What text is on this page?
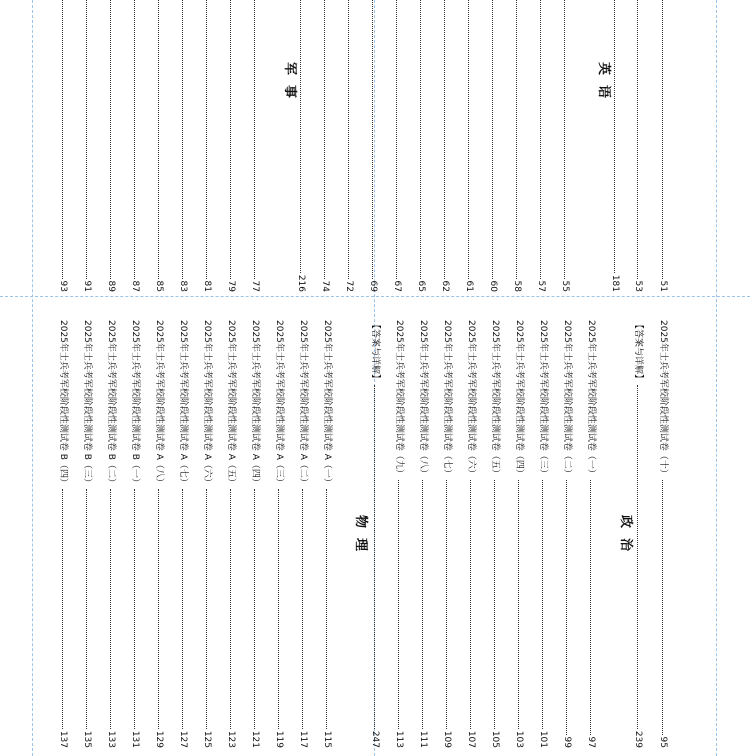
英语
军事
政治
物理
51
53
181
55
57
58
60
61
62
65
67
69
72
74
216
77
79
81
83
85
87
89
91
93
2025年士兵考军校阶段性测试卷（十）
95
【答案与详解】
239
2025年士兵考军校阶段性测试卷（一）
97
2025年士兵考军校阶段性测试卷（二）
99
2025年士兵考军校阶段性测试卷（三）
101
2025年士兵考军校阶段性测试卷（四）
103
2025年士兵考军校阶段性测试卷（五）
105
2025年士兵考军校阶段性测试卷（六）
107
2025年士兵考军校阶段性测试卷（七）
109
2025年士兵考军校阶段性测试卷（八）
111
2025年士兵考军校阶段性测试卷（九）
113
【答案与详解】
247
2025年士兵考军校阶段性测试卷 A（一）
115
2025年士兵考军校阶段性测试卷 A（二）
117
2025年士兵考军校阶段性测试卷 A（三）
119
2025年士兵考军校阶段性测试卷 A（四）
121
2025年士兵考军校阶段性测试卷 A（五）
123
2025年士兵考军校阶段性测试卷 A（六）
125
2025年士兵考军校阶段性测试卷 A（七）
127
2025年士兵考军校阶段性测试卷 A（八）
129
2025年士兵考军校阶段性测试卷 B（一）
131
2025年士兵考军校阶段性测试卷 B（二）
133
2025年士兵考军校阶段性测试卷 B（三）
135
2025年士兵考军校阶段性测试卷 B（四）
137
